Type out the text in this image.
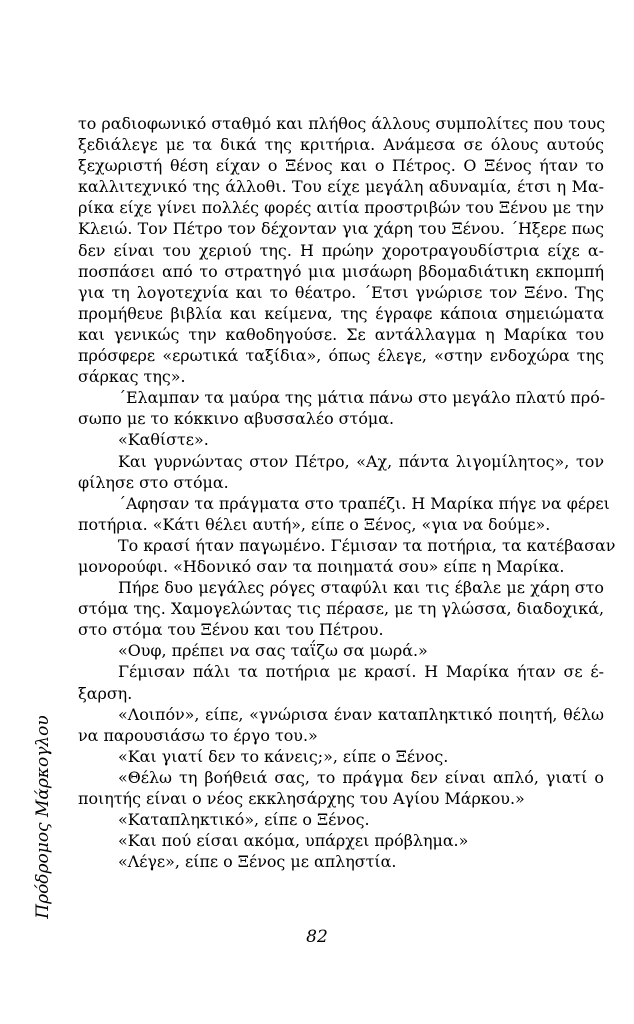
Πρόδρομος Μάρκογλου
το ραδιοφωνικό σταθμό και πλήθος άλλους συμπολίτες που τους
ξεδιάλεγε με τα δικά της κριτήρια. Ανάμεσα σε όλους αυτούς
ξεχωριστή θέση είχαν ο Ξένος και ο Πέτρος. Ο Ξένος ήταν το
καλλιτεχνικό της άλλοθι. Του είχε μεγάλη αδυναμία, έτσι η Μα-
ρίκα είχε γίνει πολλές φορές αιτία προστριβών του Ξένου με την
Κλειώ. Τον Πέτρο τον δέχονταν για χάρη του Ξένου. ΄Ηξερε πως
δεν είναι του χεριού της. Η πρώην χοροτραγουδίστρια είχε α-
ποσπάσει από το στρατηγό μια μισάωρη βδομαδιάτικη εκπομπή
για τη λογοτεχνία και το θέατρο. ΄Ετσι γνώρισε τον Ξένο. Της
προμήθευε βιβλία και κείμενα, της έγραφε κάποια σημειώματα
και γενικώς την καθοδηγούσε. Σε αντάλλαγμα η Μαρίκα του
πρόσφερε «ερωτικά ταξίδια», όπως έλεγε, «στην ενδοχώρα της
σάρκας της».
΄Ελαμπαν τα μαύρα της μάτια πάνω στο μεγάλο πλατύ πρό-
σωπο με το κόκκινο αβυσσαλέο στόμα.
«Καθίστε».
Και γυρνώντας στον Πέτρο, «Αχ, πάντα λιγομίλητος», τον
φίλησε στο στόμα.
΄Αφησαν τα πράγματα στο τραπέζι. Η Μαρίκα πήγε να φέρει
ποτήρια. «Κάτι θέλει αυτή», είπε ο Ξένος, «για να δούμε».
Το κρασί ήταν παγωμένο. Γέμισαν τα ποτήρια, τα κατέβασαν
μονορούφι. «Ηδονικό σαν τα ποιηματά σου» είπε η Μαρίκα.
Πήρε δυο μεγάλες ρόγες σταφύλι και τις έβαλε με χάρη στο
στόμα της. Χαμογελώντας τις πέρασε, με τη γλώσσα, διαδοχικά,
στο στόμα του Ξένου και του Πέτρου.
«Ουφ, πρέπει να σας ταΐζω σα μωρά.»
Γέμισαν πάλι τα ποτήρια με κρασί. Η Μαρίκα ήταν σε έ-
ξαρση.
«Λοιπόν», είπε, «γνώρισα έναν καταπληκτικό ποιητή, θέλω
να παρουσιάσω το έργο του.»
«Και γιατί δεν το κάνεις;», είπε ο Ξένος.
«Θέλω τη βοήθειά σας, το πράγμα δεν είναι απλό, γιατί ο
ποιητής είναι ο νέος εκκλησάρχης του Αγίου Μάρκου.»
«Καταπληκτικό», είπε ο Ξένος.
«Και πού είσαι ακόμα, υπάρχει πρόβλημα.»
«Λέγε», είπε ο Ξένος με απληστία.
82
